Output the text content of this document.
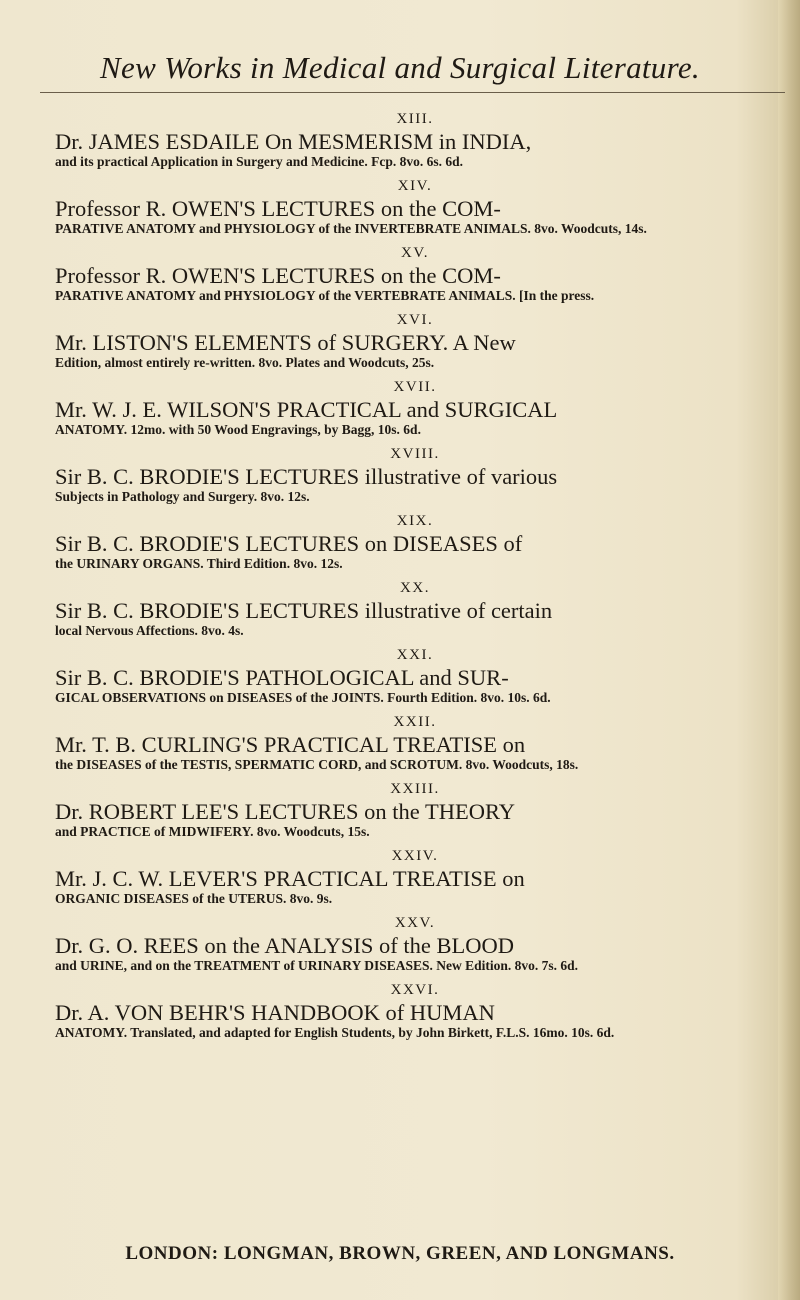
New Works in Medical and Surgical Literature.
XIII.
Dr. JAMES ESDAILE On MESMERISM in INDIA,
and its practical Application in Surgery and Medicine. Fcp. 8vo. 6s. 6d.
XIV.
Professor R. OWEN'S LECTURES on the COM-
PARATIVE ANATOMY and PHYSIOLOGY of the INVERTEBRATE ANIMALS. 8vo. Woodcuts, 14s.
XV.
Professor R. OWEN'S LECTURES on the COM-
PARATIVE ANATOMY and PHYSIOLOGY of the VERTEBRATE ANIMALS. [In the press.
XVI.
Mr. LISTON'S ELEMENTS of SURGERY. A New
Edition, almost entirely re-written. 8vo. Plates and Woodcuts, 25s.
XVII.
Mr. W. J. E. WILSON'S PRACTICAL and SURGICAL
ANATOMY. 12mo. with 50 Wood Engravings, by Bagg, 10s. 6d.
XVIII.
Sir B. C. BRODIE'S LECTURES illustrative of various
Subjects in Pathology and Surgery. 8vo. 12s.
XIX.
Sir B. C. BRODIE'S LECTURES on DISEASES of
the URINARY ORGANS. Third Edition. 8vo. 12s.
XX.
Sir B. C. BRODIE'S LECTURES illustrative of certain
local Nervous Affections. 8vo. 4s.
XXI.
Sir B. C. BRODIE'S PATHOLOGICAL and SUR-
GICAL OBSERVATIONS on DISEASES of the JOINTS. Fourth Edition. 8vo. 10s. 6d.
XXII.
Mr. T. B. CURLING'S PRACTICAL TREATISE on
the DISEASES of the TESTIS, SPERMATIC CORD, and SCROTUM. 8vo. Woodcuts, 18s.
XXIII.
Dr. ROBERT LEE'S LECTURES on the THEORY
and PRACTICE of MIDWIFERY. 8vo. Woodcuts, 15s.
XXIV.
Mr. J. C. W. LEVER'S PRACTICAL TREATISE on
ORGANIC DISEASES of the UTERUS. 8vo. 9s.
XXV.
Dr. G. O. REES on the ANALYSIS of the BLOOD
and URINE, and on the TREATMENT of URINARY DISEASES. New Edition. 8vo. 7s. 6d.
XXVI.
Dr. A. VON BEHR'S HANDBOOK of HUMAN
ANATOMY. Translated, and adapted for English Students, by John Birkett, F.L.S. 16mo. 10s. 6d.
LONDON: LONGMAN, BROWN, GREEN, AND LONGMANS.
